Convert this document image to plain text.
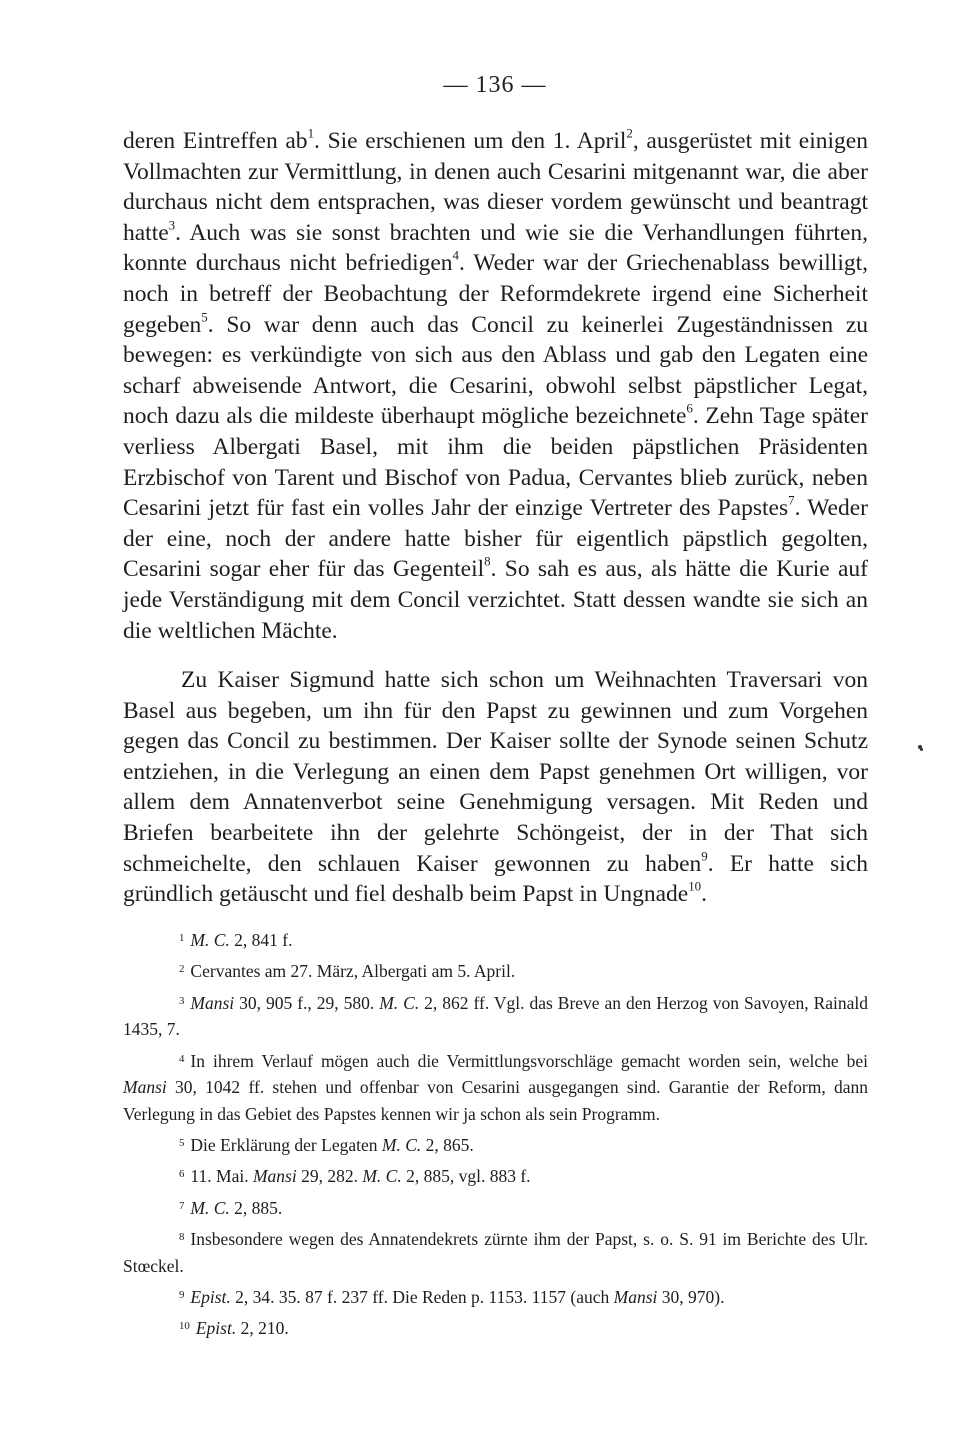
— 136 —
deren Eintreffen $ab^1$. Sie erschienen um den 1. April$^2$, ausgerüstet mit einigen Vollmachten zur Vermittlung, in denen auch Cesarini mitgenannt war, die aber durchaus nicht dem entsprachen, was dieser vordem gewünscht und beantragt hatte$^3$. Auch was sie sonst brachten und wie sie die Verhandlungen führten, konnte durchaus nicht befriedigen$^4$. Weder war der Griechenablass bewilligt, noch in betreff der Beobachtung der Reformdekrete irgend eine Sicherheit gegeben$^5$. So war denn auch das Concil zu keinerlei Zugeständnissen zu bewegen: es verkündigte von sich aus den Ablass und gab den Legaten eine scharf abweisende Antwort, die Cesarini, obwohl selbst päpstlicher Legat, noch dazu als die mildeste überhaupt mögliche bezeichnete$^6$. Zehn Tage später verliess Albergati Basel, mit ihm die beiden päpstlichen Präsidenten Erzbischof von Tarent und Bischof von Padua, Cervantes blieb zurück, neben Cesarini jetzt für fast ein volles Jahr der einzige Vertreter des Papstes$^7$. Weder der eine, noch der andere hatte bisher für eigentlich päpstlich gegolten, Cesarini sogar eher für das Gegenteil$^8$. So sah es aus, als hätte die Kurie auf jede Verständigung mit dem Concil verzichtet. Statt dessen wandte sie sich an die weltlichen Mächte.
Zu Kaiser Sigmund hatte sich schon um Weihnachten Traversari von Basel aus begeben, um ihn für den Papst zu gewinnen und zum Vorgehen gegen das Concil zu bestimmen. Der Kaiser sollte der Synode seinen Schutz entziehen, in die Verlegung an einen dem Papst genehmen Ort willigen, vor allem dem Annatenverbot seine Genehmigung versagen. Mit Reden und Briefen bearbeitete ihn der gelehrte Schöngeist, der in der That sich schmeichelte, den schlauen Kaiser gewonnen zu haben$^9$. Er hatte sich gründlich getäuscht und fiel deshalb beim Papst in Ungnade$^{10}$.

$^1$ M. C. 2, 841 f.

$^2$ Cervantes am 27. März, Albergati am 5. April.

$^3$ Mansi 30, 905 f., 29, 580. M. C. 2, 862 ff. Vgl. das Breve an den Herzog von Savoyen, Rainald 1435, 7.

$^4$ In ihrem Verlauf mögen auch die Vermittlungsvorschläge gemacht worden sein, welche bei Mansi 30, 1042 ff. stehen und offenbar von Cesarini ausgegangen sind. Garantie der Reform, dann Verlegung in das Gebiet des Papstes kennen wir ja schon als sein Programm.

$^5$ Die Erklärung der Legaten M. C. 2, 865.

$^6$ 11. Mai. Mansi 29, 282. M. C. 2, 885, vgl. 883 f.

$^7$ M. C. 2, 885.

$^8$ Insbesondere wegen des Annatendekrets zürnte ihm der Papst, s. o. S. 91 im Berichte des Ulr. Stœckel.

$^9$ Epist. 2, 34. 35. 87 f. 237 ff. Die Reden p. 1153. 1157 (auch Mansi 30, 970).

$^{10}$ Epist. 2, 210.
